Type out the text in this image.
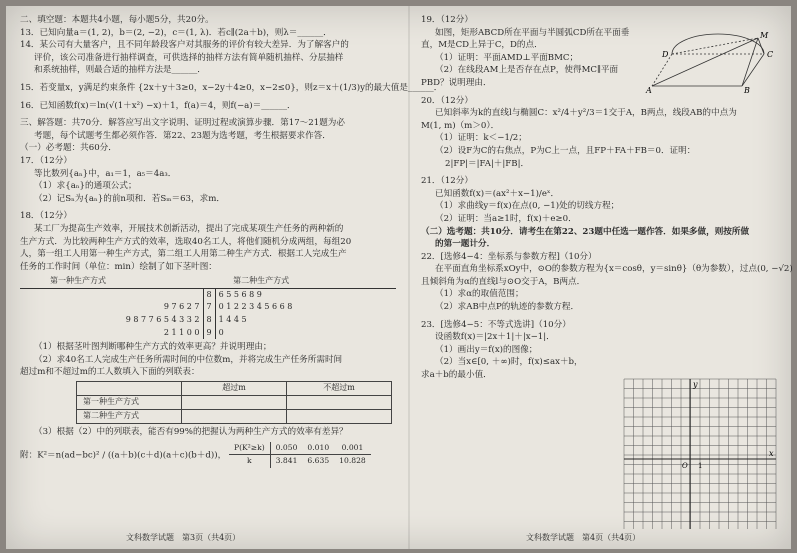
二、填空题：本题共4小题，每小题5分，共20分。
13．已知向量a＝(1, 2)，b＝(2, −2)，c＝(1, λ)．若c∥(2a＋b)，则λ＝______．
14．某公司有大量客户，且不同年龄段客户对其服务的评价有较大差异．为了解客户的
评价，该公司准备进行抽样调查，可供选择的抽样方法有简单随机抽样、分层抽样
和系统抽样，则最合适的抽样方法是______．
15．若变量x，y满足约束条件 {2x＋y＋3≥0，x−2y＋4≥0，x−2≤0}，则z＝x＋(1/3)y的最大值是______．
16．已知函数f(x)＝ln(√(1＋x²) −x)＋1，f(a)＝4，则f(−a)＝______．
三、解答题：共70分．解答应写出文字说明、证明过程或演算步骤．第17～21题为必
考题，每个试题考生都必须作答．第22、23题为选考题，考生根据要求作答．
（一）必考题：共60分．
17．（12分）
等比数列{aₙ}中，a₁＝1，a₅＝4a₃．
（1）求{aₙ}的通项公式；
（2）记Sₙ为{aₙ}的前n项和．若Sₘ＝63，求m．
18．（12分）
某工厂为提高生产效率，开展技术创新活动，提出了完成某项生产任务的两种新的
生产方式．为比较两种生产方式的效率，选取40名工人，将他们随机分成两组，每组20
人，第一组工人用第一种生产方式，第二组工人用第二种生产方式．根据工人完成生产
任务的工作时间（单位：min）绘制了如下茎叶图：
第一种生产方式		第二种生产方式
	8	6 5 5 6 8 9
9 7 6 2 7	7	0 1 2 2 3 4 5 6 6 8
9 8 7 7 6 5 4 3 3 2	8	1 4 4 5
2 1 1 0 0	9	0
（1）根据茎叶图判断哪种生产方式的效率更高？并说明理由；
（2）求40名工人完成生产任务所需时间的中位数m，并将完成生产任务所需时间
超过m和不超过m的工人数填入下面的列联表：
	超过m	不超过m
第一种生产方式		
第二种生产方式		
（3）根据（2）中的列联表，能否有99%的把握认为两种生产方式的效率有差异？
附：K²＝n(ad−bc)² / ((a＋b)(c＋d)(a＋c)(b＋d))， P(K²≥k)	0.050	0.010	0.001
k	3.841	6.635	10.828
文科数学试题　第3页（共4页）
19．（12分）
如图，矩形ABCD所在平面与半圆弧CD所在平面垂
直，M是CD上异于C，D的点．
（1）证明：平面AMD⊥平面BMC；
（2）在线段AM上是否存在点P，使得MC∥平面
PBD？说明理由．
20．（12分）
已知斜率为k的直线l与椭圆C：x²/4＋y²/3＝1交于A，B两点，线段AB的中点为
M(1, m)（m＞0）．
（1）证明：k＜−1/2；
（2）设F为C的右焦点，P为C上一点，且FP＋FA＋FB＝0．证明：
2|FP|＝|FA|＋|FB|．
21．（12分）
已知函数f(x)＝(ax²＋x−1)/eˣ．
（1）求曲线y＝f(x)在点(0, −1)处的切线方程；
（2）证明：当a≥1时，f(x)＋e≥0．
（二）选考题：共10分．请考生在第22、23题中任选一题作答．如果多做，则按所做
的第一题计分．
22．[选修4−4：坐标系与参数方程]（10分）
在平面直角坐标系xOy中，⊙O的参数方程为{x＝cosθ，y＝sinθ}（θ为参数），过点(0, −√2)
且倾斜角为α的直线l与⊙O交于A，B两点．
（1）求α的取值范围；
（2）求AB中点P的轨迹的参数方程．
23．[选修4−5：不等式选讲]（10分）
设函数f(x)＝|2x＋1|＋|x−1|．
（1）画出y＝f(x)的图像；
（2）当x∈[0, ＋∞)时，f(x)≤ax＋b，
求a＋b的最小值．
M
D	C
A	B
y
x
O 1
文科数学试题　第4页（共4页）
